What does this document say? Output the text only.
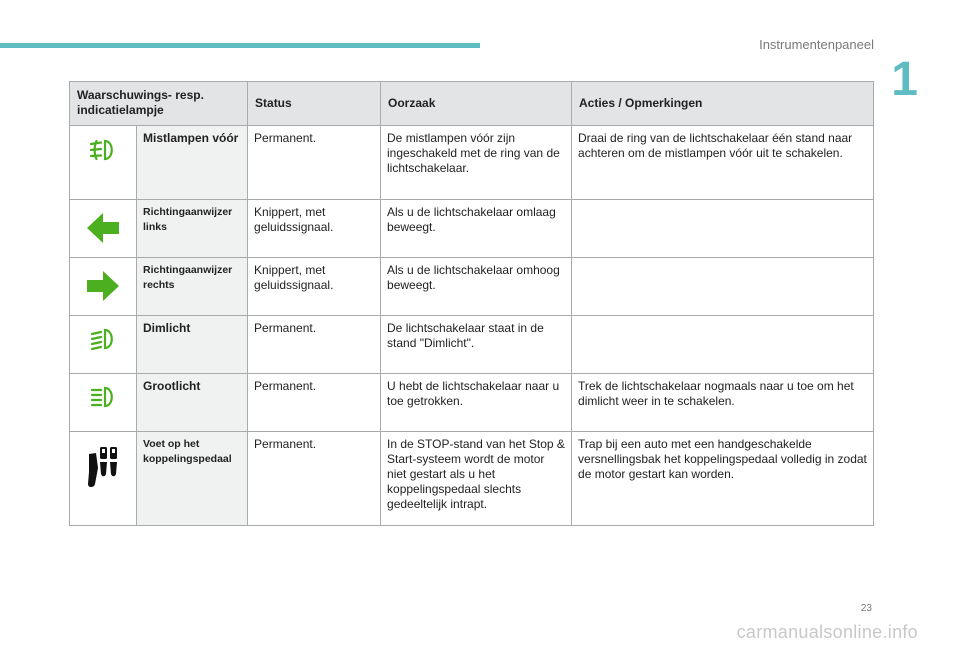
Instrumentenpaneel
1
Waarschuwings- resp. indicatielampje		Status	Oorzaak	Acties / Opmerkingen

	Mistlampen vóór	Permanent.	De mistlampen vóór zijn ingeschakeld met de ring van de lichtschakelaar.	Draai de ring van de lichtschakelaar één stand naar achteren om de mistlampen vóór uit te schakelen.

	Richtingaanwijzer links	Knippert, met geluidssignaal.	Als u de lichtschakelaar omlaag beweegt.	

	Richtingaanwijzer rechts	Knippert, met geluidssignaal.	Als u de lichtschakelaar omhoog beweegt.	

	Dimlicht	Permanent.	De lichtschakelaar staat in de stand "Dimlicht".	

	Grootlicht	Permanent.	U hebt de lichtschakelaar naar u toe getrokken.	Trek de lichtschakelaar nogmaals naar u toe om het dimlicht weer in te schakelen.

	Voet op het koppelingspedaal	Permanent.	In de STOP-stand van het Stop & Start-systeem wordt de motor niet gestart als u het koppelingspedaal slechts gedeeltelijk intrapt.	Trap bij een auto met een handgeschakelde versnellingsbak het koppelingspedaal volledig in zodat de motor gestart kan worden.
23
carmanualsonline.info
